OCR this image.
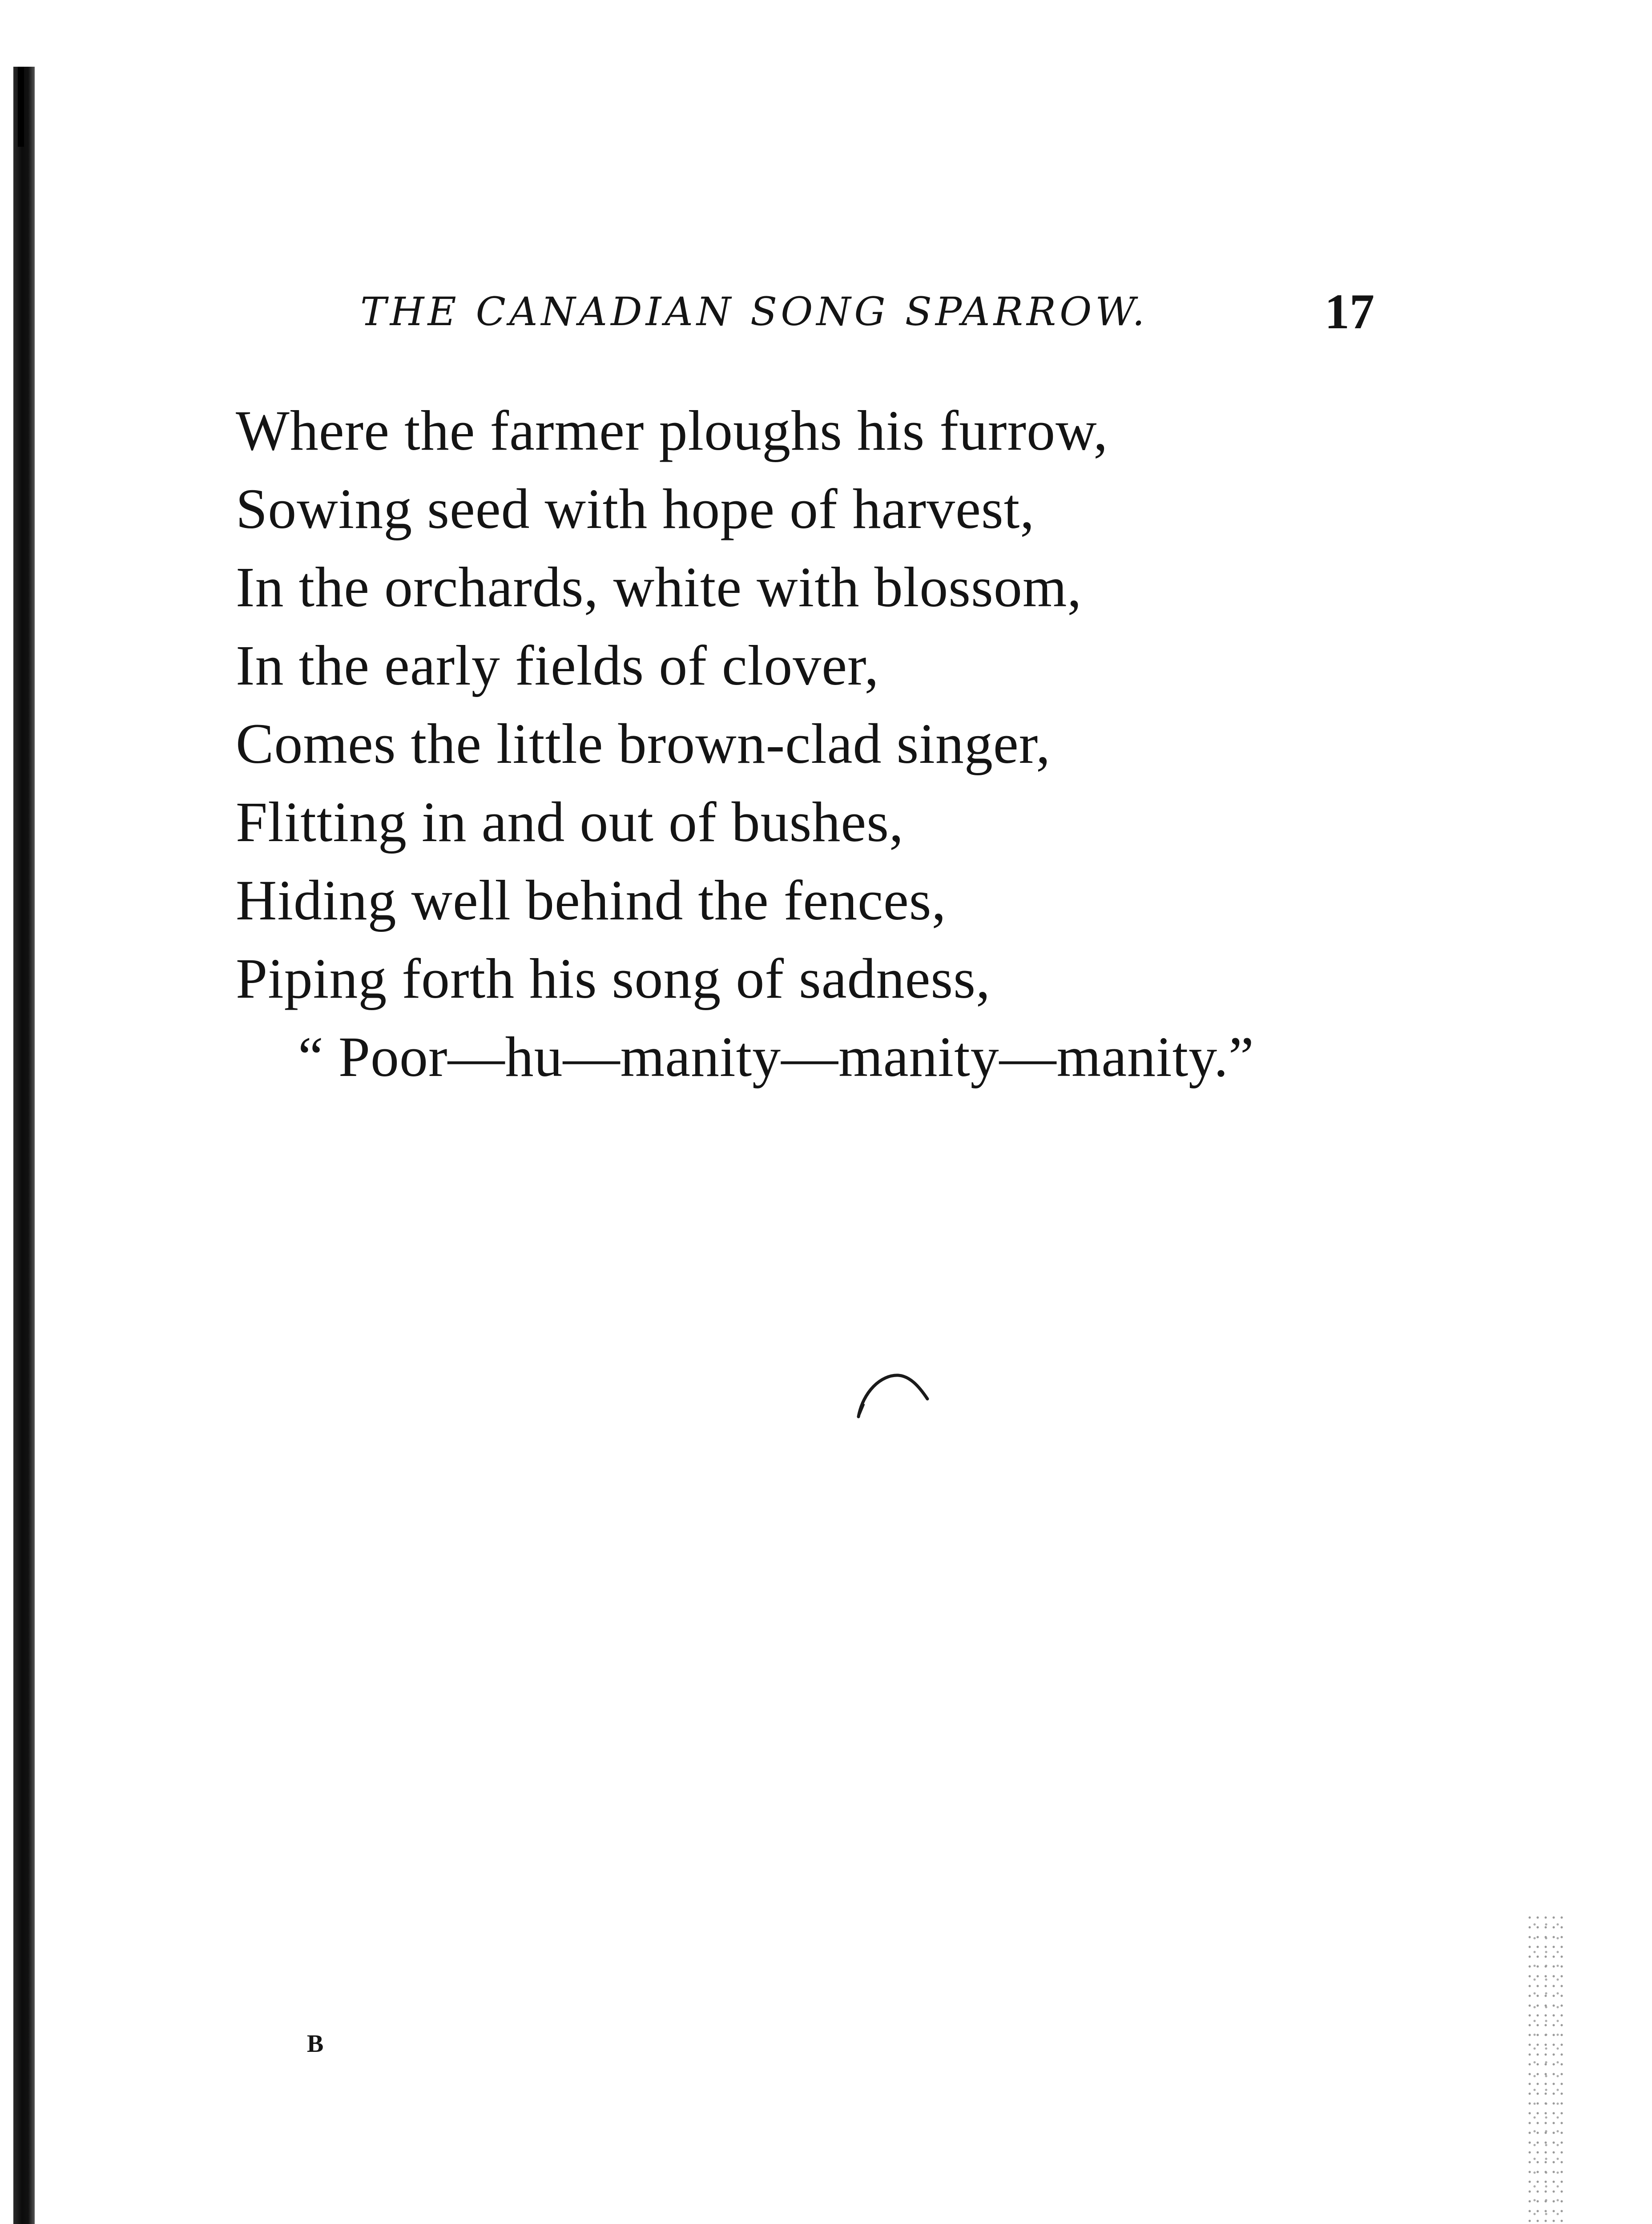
THE CANADIAN SONG SPARROW.	17
Where the farmer ploughs his furrow,
Sowing seed with hope of harvest,
In the orchards, white with blossom,
In the early fields of clover,
Comes the little brown-clad singer,
Flitting in and out of bushes,
Hiding well behind the fences,
Piping forth his song of sadness,
“ Poor—hu—manity—manity—manity.”
B
